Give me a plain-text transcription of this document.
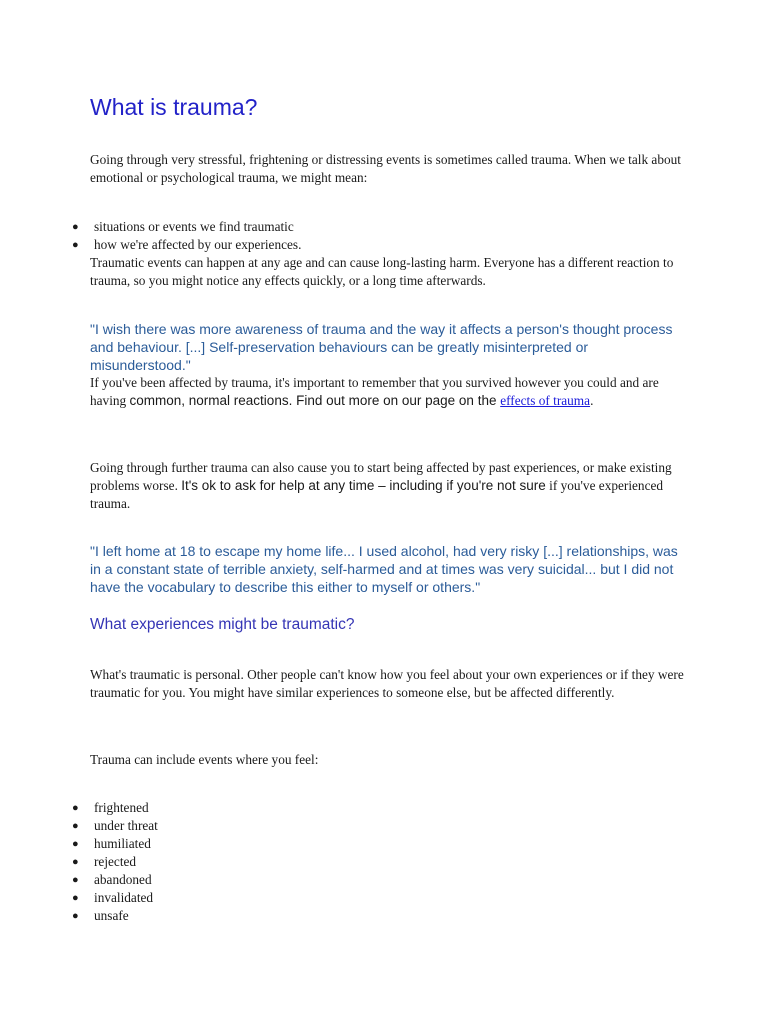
What is trauma?

Going through very stressful, frightening or distressing events is sometimes called trauma. When we talk about emotional or psychological trauma, we might mean:

● situations or events we find traumatic
● how we're affected by our experiences.

Traumatic events can happen at any age and can cause long-lasting harm. Everyone has a different reaction to trauma, so you might notice any effects quickly, or a long time afterwards.

"I wish there was more awareness of trauma and the way it affects a person's thought process and behaviour. [...] Self-preservation behaviours can be greatly misinterpreted or misunderstood."

If you've been affected by trauma, it's important to remember that you survived however you could and are having common, normal reactions. Find out more on our page on the effects of trauma.

Going through further trauma can also cause you to start being affected by past experiences, or make existing problems worse. It's ok to ask for help at any time – including if you're not sure if you've experienced trauma.

"I left home at 18 to escape my home life... I used alcohol, had very risky [...] relationships, was in a constant state of terrible anxiety, self-harmed and at times was very suicidal... but I did not have the vocabulary to describe this either to myself or others."

What experiences might be traumatic?

What's traumatic is personal. Other people can't know how you feel about your own experiences or if they were traumatic for you. You might have similar experiences to someone else, but be affected differently.

Trauma can include events where you feel:

● frightened
● under threat
● humiliated
● rejected
● abandoned
● invalidated
● unsafe
